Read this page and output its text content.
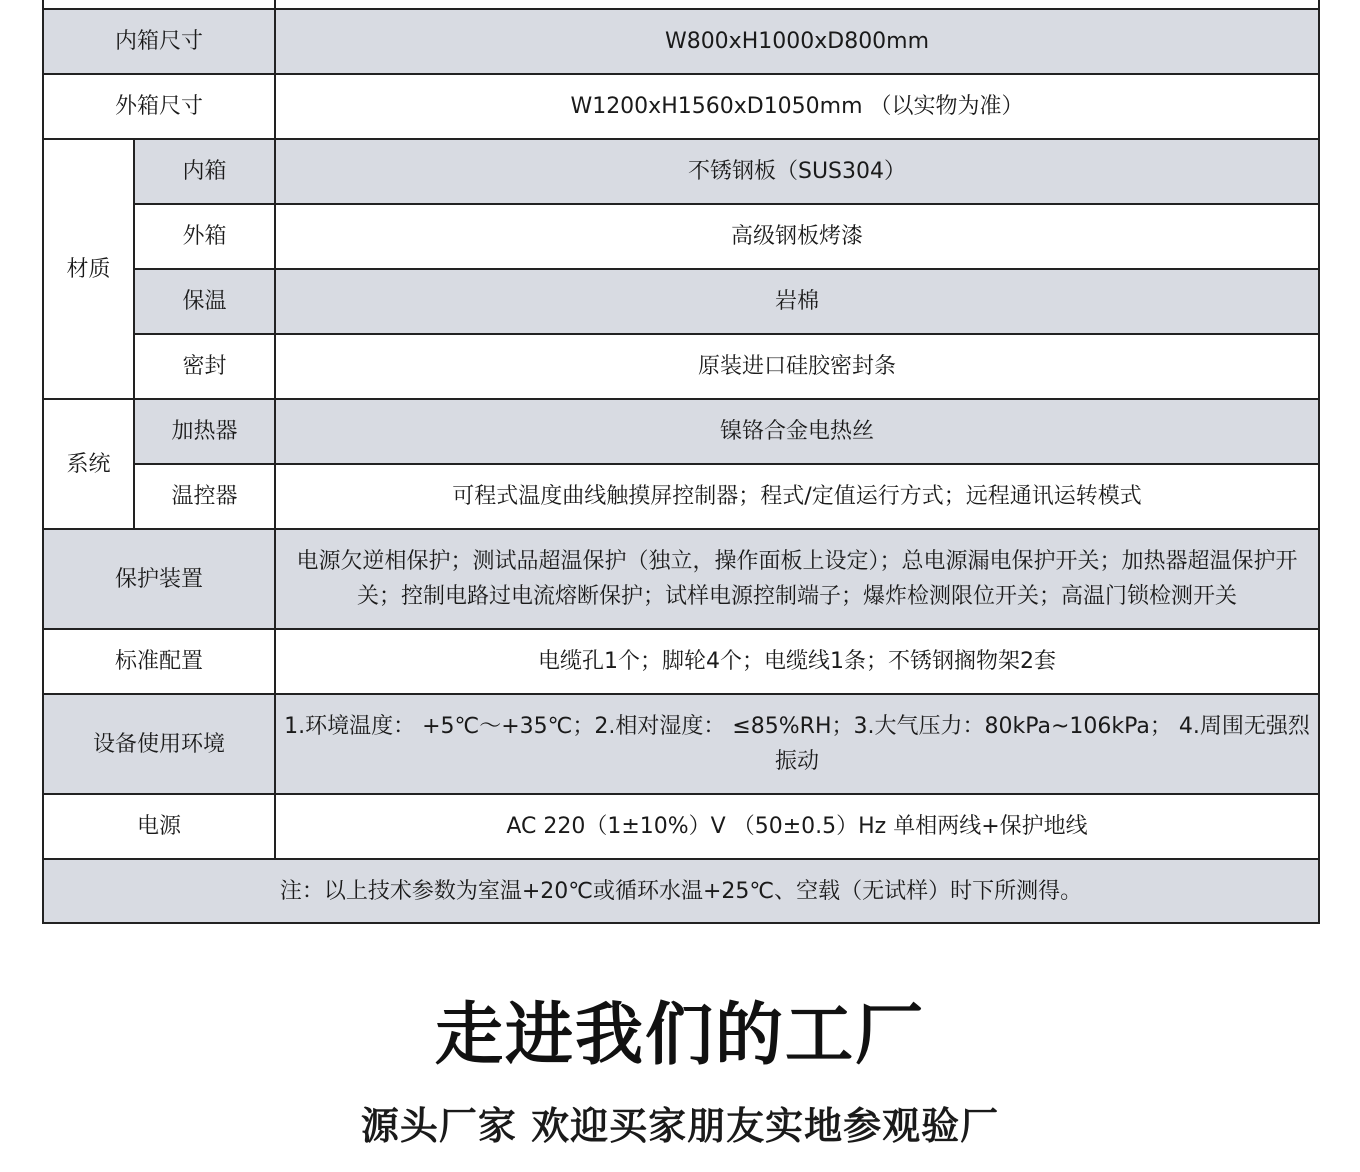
内箱尺寸		W800xH1000xD800mm
外箱尺寸		W1200xH1560xD1050mm （以实物为准）
材质	内箱	不锈钢板（SUS304）
	外箱	高级钢板烤漆
	保温	岩棉
	密封	原装进口硅胶密封条
系统	加热器	镍铬合金电热丝
	温控器	可程式温度曲线触摸屏控制器；程式/定值运行方式；远程通讯运转模式
保护装置		电源欠逆相保护；测试品超温保护（独立，操作面板上设定）；总电源漏电保护开关；加热器超温保护开关；控制电路过电流熔断保护；试样电源控制端子；爆炸检测限位开关；高温门锁检测开关
标准配置		电缆孔1个；脚轮4个；电缆线1条；不锈钢搁物架2套
设备使用环境		1.环境温度： +5℃～+35℃；2.相对湿度： ≤85%RH；3.大气压力：80kPa~106kPa； 4.周围无强烈振动
电源		AC 220（1±10%）V （50±0.5）Hz 单相两线+保护地线
注：以上技术参数为室温+20℃或循环水温+25℃、空载（无试样）时下所测得。		
走进我们的工厂
源头厂家 欢迎买家朋友实地参观验厂
